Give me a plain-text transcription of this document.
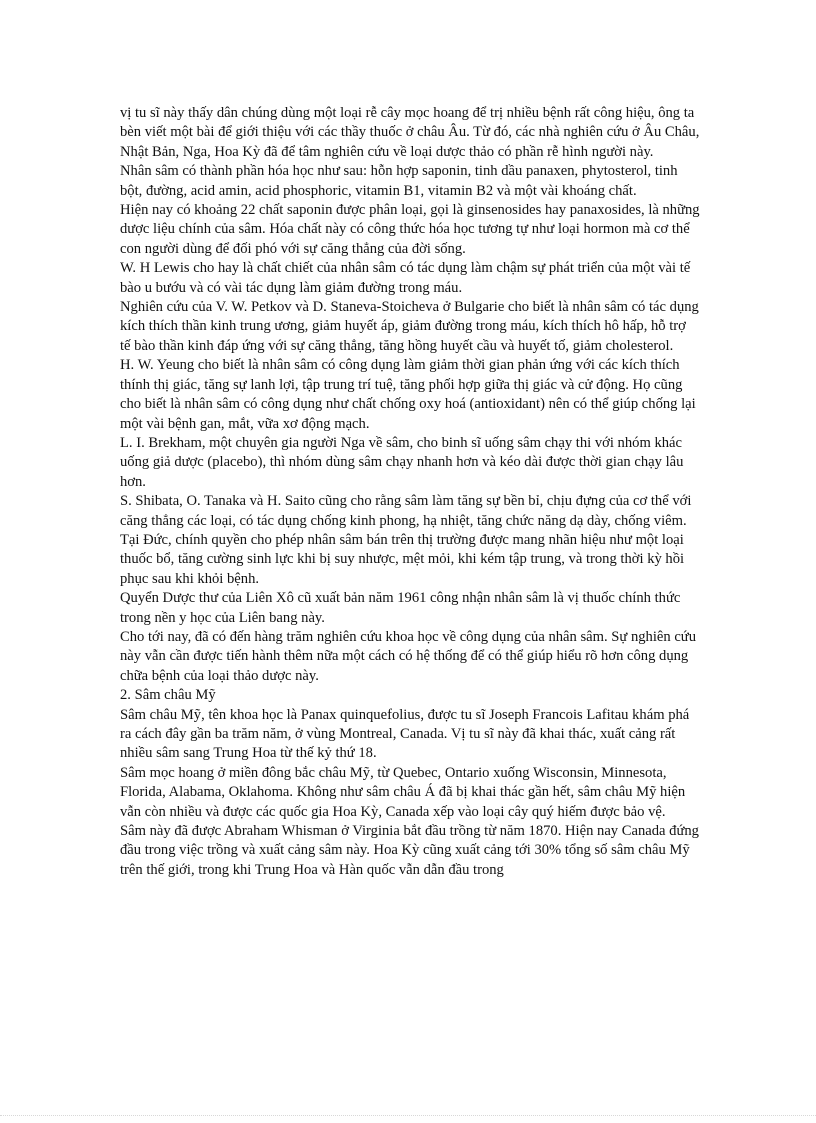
vị tu sĩ này thấy dân chúng dùng một loại rễ cây mọc hoang để trị nhiều bệnh rất công hiệu, ông ta bèn viết một bài để giới thiệu với các thầy thuốc ở châu Âu. Từ đó, các nhà nghiên cứu ở Âu Châu, Nhật Bản, Nga, Hoa Kỳ đã để tâm nghiên cứu về loại dược thảo có phần rễ hình người này.

Nhân sâm có thành phần hóa học như sau: hỗn hợp saponin, tinh dầu panaxen, phytosterol, tinh bột, đường, acid amin, acid phosphoric, vitamin B1, vitamin B2 và một vài khoáng chất.

Hiện nay có khoảng 22 chất saponin được phân loại, gọi là ginsenosides hay panaxosides, là những dược liệu chính của sâm. Hóa chất này có công thức hóa học tương tự như loại hormon mà cơ thể con người dùng để đối phó với sự căng thẳng của đời sống.

W. H Lewis cho hay là chất chiết của nhân sâm có tác dụng làm chậm sự phát triển của một vài tế bào u bướu và có vài tác dụng làm giảm đường trong máu.

Nghiên cứu của V. W. Petkov và D. Staneva-Stoicheva ở Bulgarie cho biết là nhân sâm có tác dụng kích thích thần kinh trung ương, giảm huyết áp, giảm đường trong máu, kích thích hô hấp, hỗ trợ tế bào thần kinh đáp ứng với sự căng thẳng, tăng hồng huyết cầu và huyết tố, giảm cholesterol.

H. W. Yeung cho biết là nhân sâm có công dụng làm giảm thời gian phản ứng với các kích thích thính thị giác, tăng sự lanh lợi, tập trung trí tuệ, tăng phối hợp giữa thị giác và cử động. Họ cũng cho biết là nhân sâm có công dụng như chất chống oxy hoá (antioxidant) nên có thể giúp chống lại một vài bệnh gan, mắt, vữa xơ động mạch.

L. I. Brekham, một chuyên gia người Nga về sâm, cho binh sĩ uống sâm chạy thi với nhóm khác uống giả dược (placebo), thì nhóm dùng sâm chạy nhanh hơn và kéo dài được thời gian chạy lâu hơn.

S. Shibata, O. Tanaka và H. Saito cũng cho rằng sâm làm tăng sự bền bỉ, chịu đựng của cơ thể với căng thẳng các loại, có tác dụng chống kinh phong, hạ nhiệt, tăng chức năng dạ dày, chống viêm.

Tại Đức, chính quyền cho phép nhân sâm bán trên thị trường được mang nhãn hiệu như một loại thuốc bổ, tăng cường sinh lực khi bị suy nhược, mệt mỏi, khi kém tập trung, và trong thời kỳ hồi phục sau khi khỏi bệnh.

Quyển Dược thư của Liên Xô cũ xuất bản năm 1961 công nhận nhân sâm là vị thuốc chính thức trong nền y học của Liên bang này.

Cho tới nay, đã có đến hàng trăm nghiên cứu khoa học về công dụng của nhân sâm. Sự nghiên cứu này vẫn cần được tiến hành thêm nữa một cách có hệ thống để có thể giúp hiểu rõ hơn công dụng chữa bệnh của loại thảo dược này.

2. Sâm châu Mỹ

Sâm châu Mỹ, tên khoa học là Panax quinquefolius, được tu sĩ Joseph Francois Lafitau khám phá ra cách đây gần ba trăm năm, ở vùng Montreal, Canada. Vị tu sĩ này đã khai thác, xuất cảng rất nhiều sâm sang Trung Hoa từ thế kỷ thứ 18.

Sâm mọc hoang ở miền đông bắc châu Mỹ, từ Quebec, Ontario xuống Wisconsin, Minnesota, Florida, Alabama, Oklahoma. Không như sâm châu Á đã bị khai thác gần hết, sâm châu Mỹ hiện vẫn còn nhiều và được các quốc gia Hoa Kỳ, Canada xếp vào loại cây quý hiếm được bảo vệ.

Sâm này đã được Abraham Whisman ở Virginia bắt đầu trồng từ năm 1870. Hiện nay Canada đứng đầu trong việc trồng và xuất cảng sâm này. Hoa Kỳ cũng xuất cảng tới 30% tổng số sâm châu Mỹ trên thế giới, trong khi Trung Hoa và Hàn quốc vẫn dẫn đầu trong
